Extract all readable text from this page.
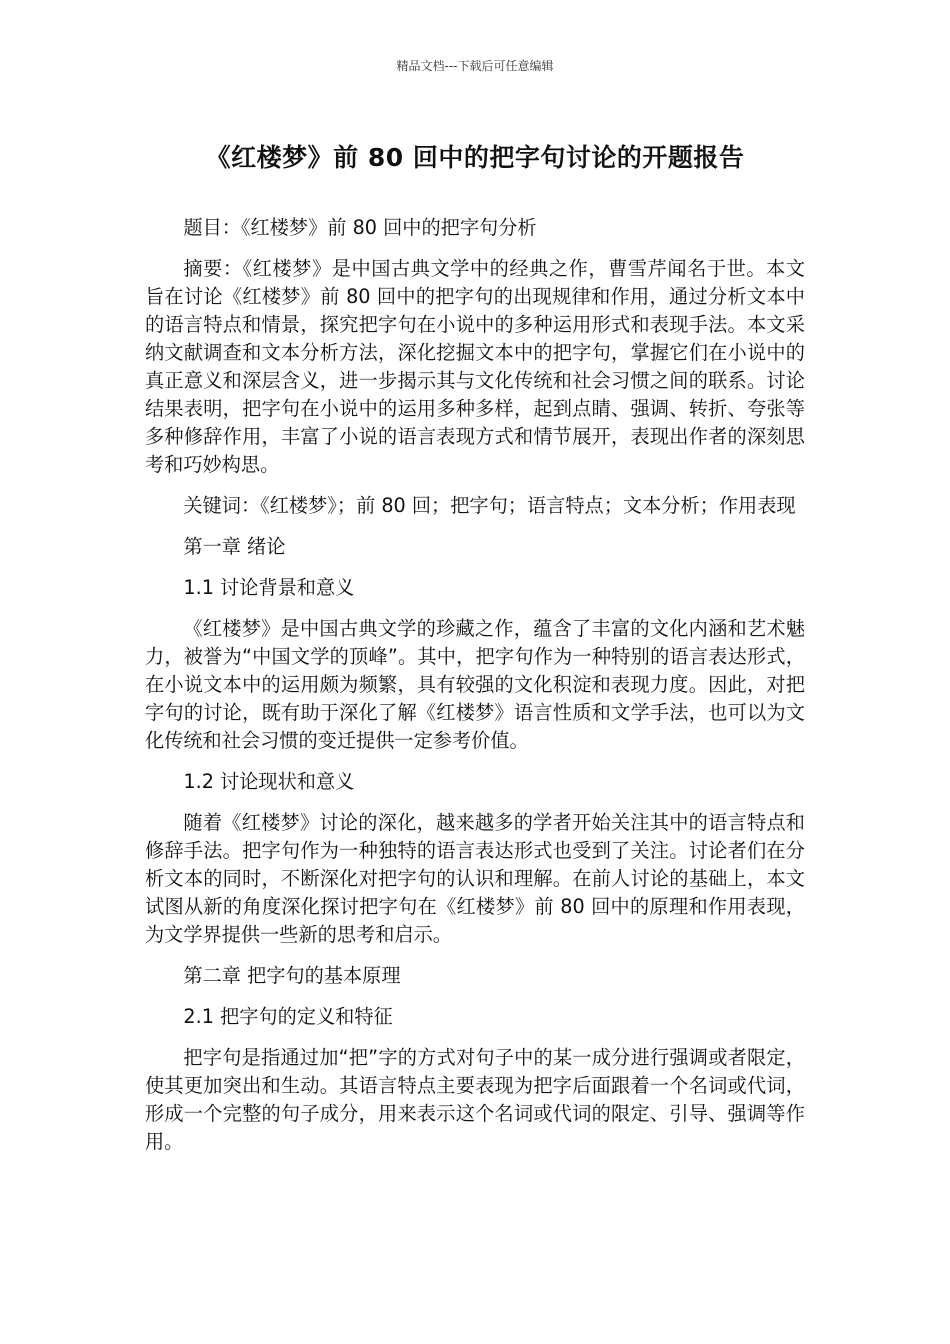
精品文档---下载后可任意编辑
《红楼梦》前 80 回中的把字句讨论的开题报告

题目：《红楼梦》前 80 回中的把字句分析

摘要：《红楼梦》是中国古典文学中的经典之作，曹雪芹闻名于世。本文旨在讨论《红楼梦》前 80 回中的把字句的出现规律和作用，通过分析文本中的语言特点和情景，探究把字句在小说中的多种运用形式和表现手法。本文采纳文献调查和文本分析方法，深化挖掘文本中的把字句，掌握它们在小说中的真正意义和深层含义，进一步揭示其与文化传统和社会习惯之间的联系。讨论结果表明，把字句在小说中的运用多种多样，起到点睛、强调、转折、夸张等多种修辞作用，丰富了小说的语言表现方式和情节展开，表现出作者的深刻思考和巧妙构思。

关键词：《红楼梦》；前 80 回；把字句；语言特点；文本分析；作用表现

第一章 绪论

1.1 讨论背景和意义

《红楼梦》是中国古典文学的珍藏之作，蕴含了丰富的文化内涵和艺术魅力，被誉为“中国文学的顶峰”。其中，把字句作为一种特别的语言表达形式，在小说文本中的运用颇为频繁，具有较强的文化积淀和表现力度。因此，对把字句的讨论，既有助于深化了解《红楼梦》语言性质和文学手法，也可以为文化传统和社会习惯的变迁提供一定参考价值。

1.2 讨论现状和意义

随着《红楼梦》讨论的深化，越来越多的学者开始关注其中的语言特点和修辞手法。把字句作为一种独特的语言表达形式也受到了关注。讨论者们在分析文本的同时，不断深化对把字句的认识和理解。在前人讨论的基础上，本文试图从新的角度深化探讨把字句在《红楼梦》前 80 回中的原理和作用表现，为文学界提供一些新的思考和启示。

第二章 把字句的基本原理

2.1 把字句的定义和特征

把字句是指通过加“把”字的方式对句子中的某一成分进行强调或者限定，使其更加突出和生动。其语言特点主要表现为把字后面跟着一个名词或代词，形成一个完整的句子成分，用来表示这个名词或代词的限定、引导、强调等作用。
